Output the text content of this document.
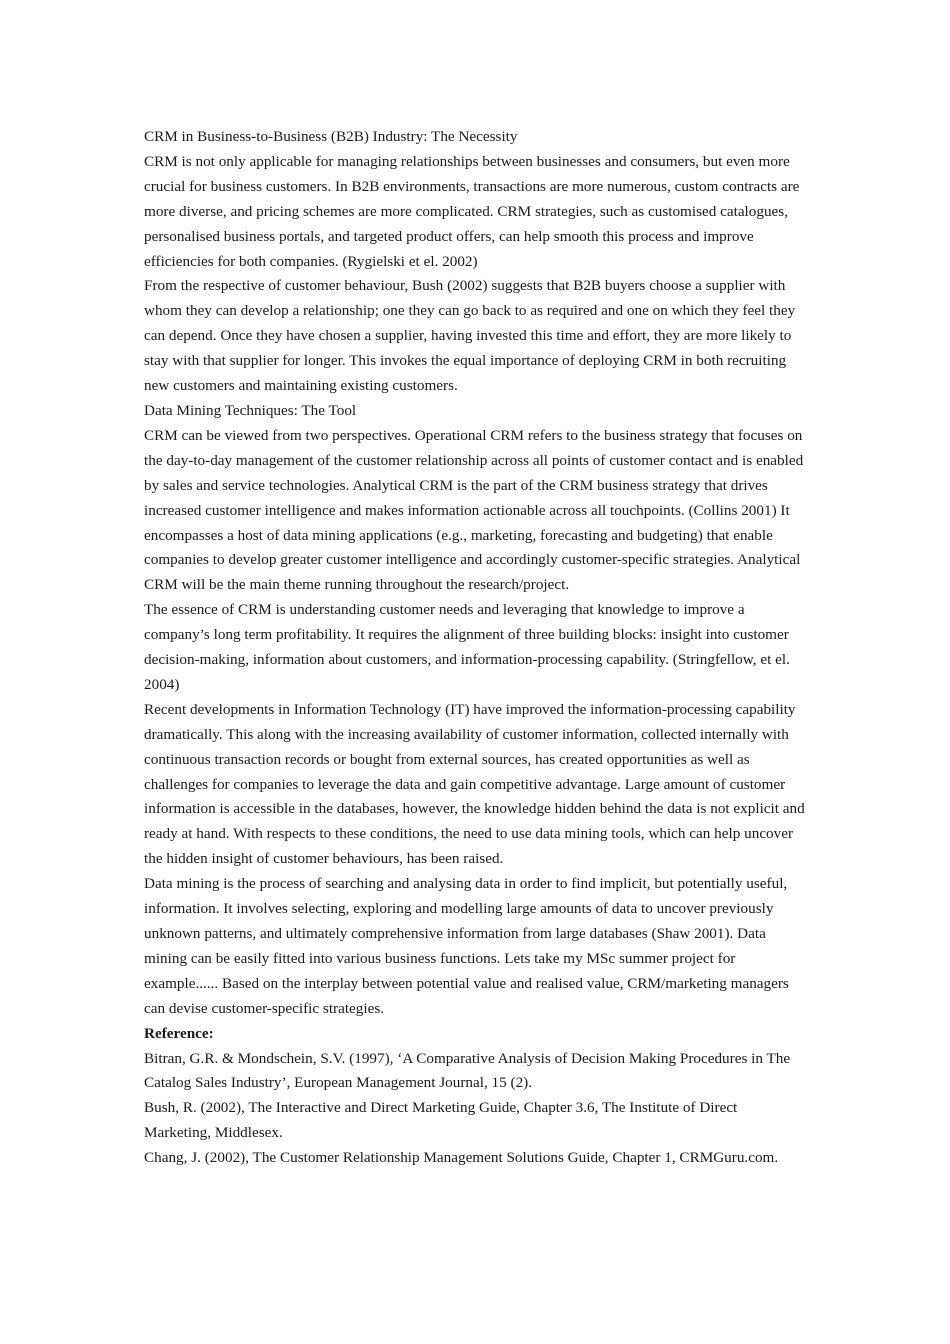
CRM in Business-to-Business (B2B) Industry: The Necessity

CRM is not only applicable for managing relationships between businesses and consumers, but even more crucial for business customers. In B2B environments, transactions are more numerous, custom contracts are more diverse, and pricing schemes are more complicated. CRM strategies, such as customised catalogues, personalised business portals, and targeted product offers, can help smooth this process and improve efficiencies for both companies. (Rygielski et el. 2002)

From the respective of customer behaviour, Bush (2002) suggests that B2B buyers choose a supplier with whom they can develop a relationship; one they can go back to as required and one on which they feel they can depend. Once they have chosen a supplier, having invested this time and effort, they are more likely to stay with that supplier for longer. This invokes the equal importance of deploying CRM in both recruiting new customers and maintaining existing customers.

Data Mining Techniques: The Tool

CRM can be viewed from two perspectives. Operational CRM refers to the business strategy that focuses on the day-to-day management of the customer relationship across all points of customer contact and is enabled by sales and service technologies. Analytical CRM is the part of the CRM business strategy that drives increased customer intelligence and makes information actionable across all touchpoints. (Collins 2001) It encompasses a host of data mining applications (e.g., marketing, forecasting and budgeting) that enable companies to develop greater customer intelligence and accordingly customer-specific strategies. Analytical CRM will be the main theme running throughout the research/project.

The essence of CRM is understanding customer needs and leveraging that knowledge to improve a company’s long term profitability. It requires the alignment of three building blocks: insight into customer decision-making, information about customers, and information-processing capability. (Stringfellow, et el. 2004)

Recent developments in Information Technology (IT) have improved the information-processing capability dramatically. This along with the increasing availability of customer information, collected internally with continuous transaction records or bought from external sources, has created opportunities as well as challenges for companies to leverage the data and gain competitive advantage. Large amount of customer information is accessible in the databases, however, the knowledge hidden behind the data is not explicit and ready at hand. With respects to these conditions, the need to use data mining tools, which can help uncover the hidden insight of customer behaviours, has been raised.

Data mining is the process of searching and analysing data in order to find implicit, but potentially useful, information. It involves selecting, exploring and modelling large amounts of data to uncover previously unknown patterns, and ultimately comprehensive information from large databases (Shaw 2001). Data mining can be easily fitted into various business functions. Lets take my MSc summer project for example...... Based on the interplay between potential value and realised value, CRM/marketing managers can devise customer-specific strategies.

Reference:

Bitran, G.R. & Mondschein, S.V. (1997), ‘A Comparative Analysis of Decision Making Procedures in The Catalog Sales Industry’, European Management Journal, 15 (2).

Bush, R. (2002), The Interactive and Direct Marketing Guide, Chapter 3.6, The Institute of Direct Marketing, Middlesex.

Chang, J. (2002), The Customer Relationship Management Solutions Guide, Chapter 1, CRMGuru.com.
